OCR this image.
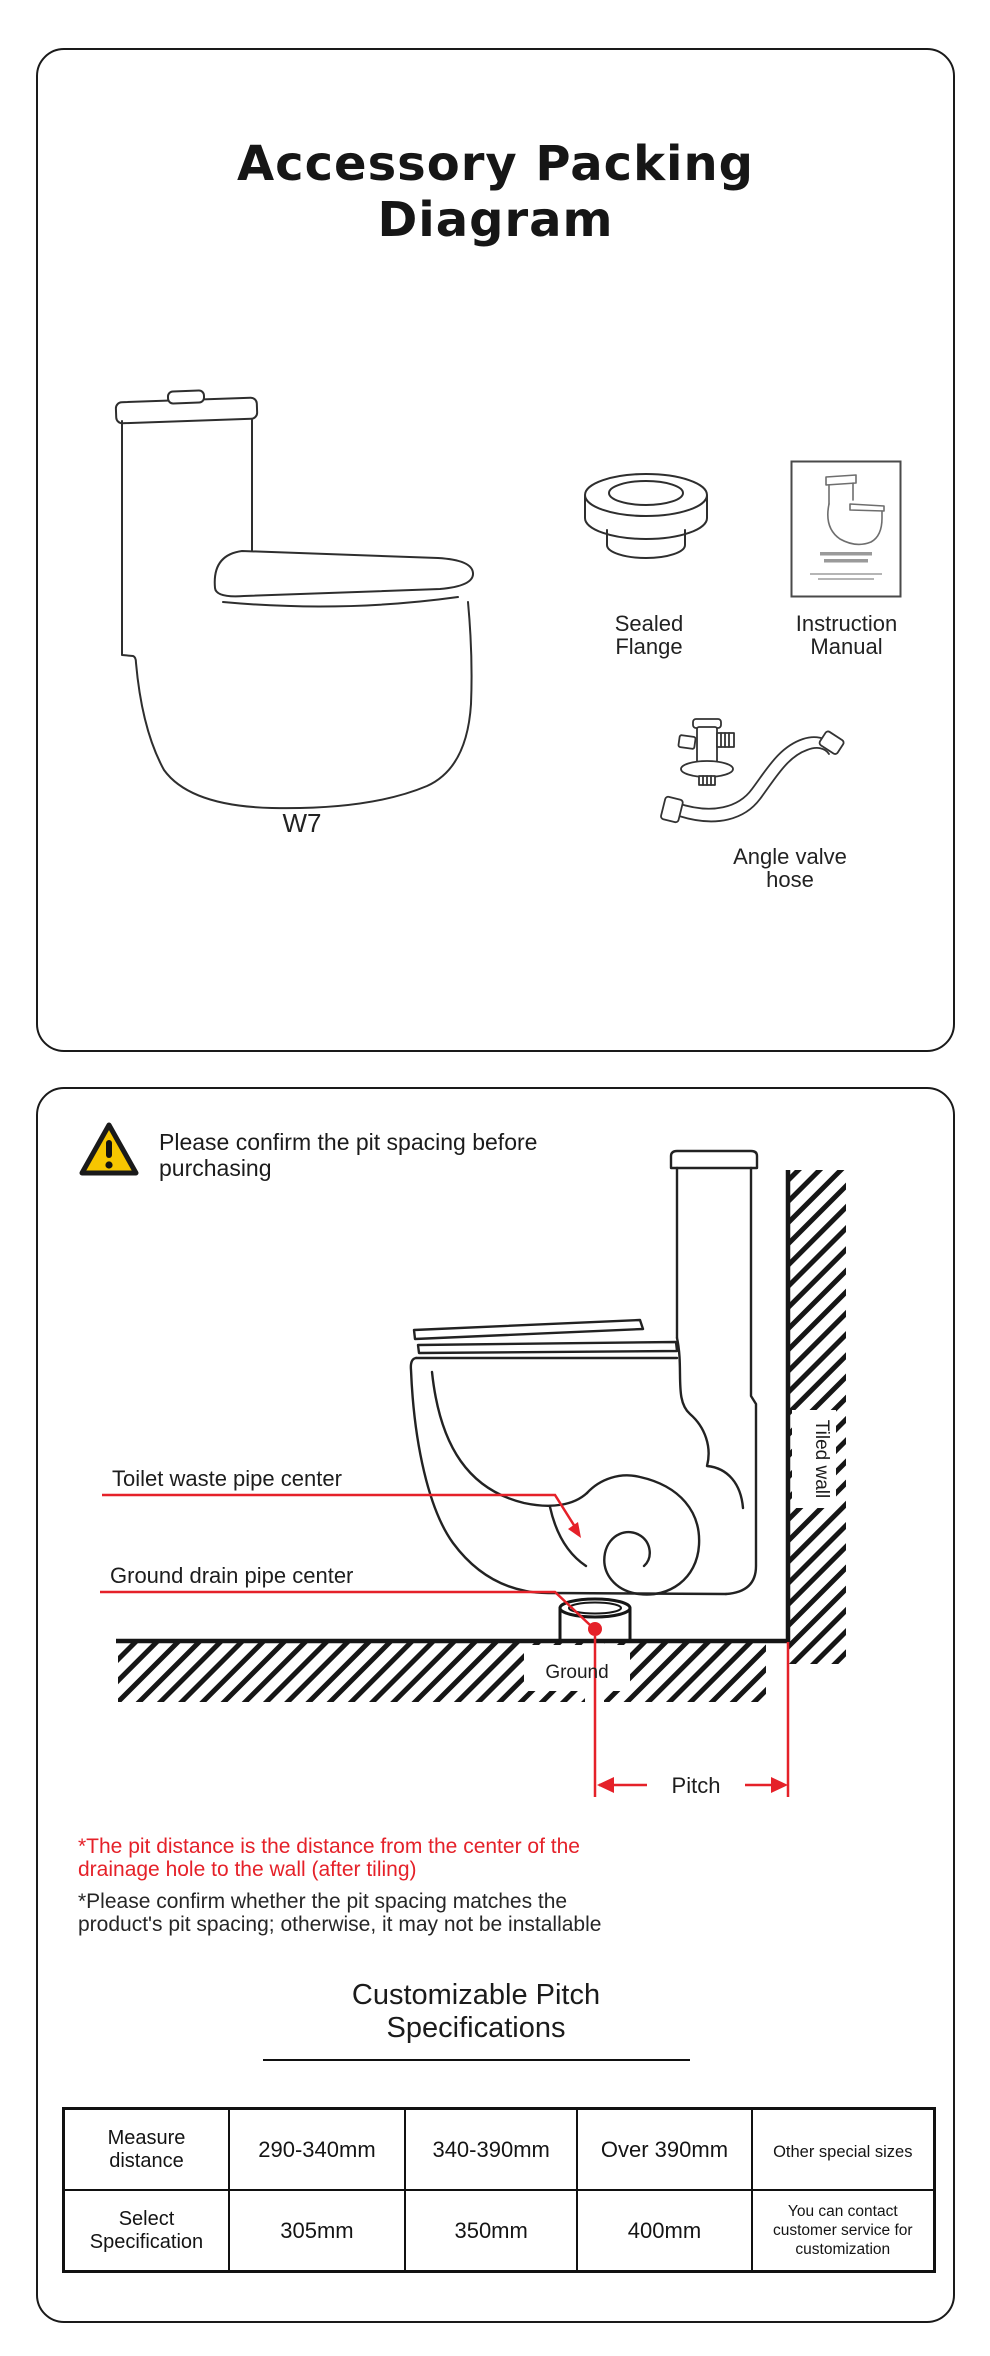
Accessory Packing Diagram
W7
Sealed Flange
Instruction Manual
Angle valve hose
Please confirm the pit spacing before purchasing
Toilet waste pipe center
Ground drain pipe center
Tiled wall
Ground
Pitch
*The pit distance is the distance from the center of the drainage hole to the wall (after tiling)
*Please confirm whether the pit spacing matches the product's pit spacing; otherwise, it may not be installable
Customizable Pitch Specifications
Measure distance	290-340mm	340-390mm	Over 390mm	Other special sizes

Select Specification	305mm	350mm	400mm	You can contact customer service for customization
